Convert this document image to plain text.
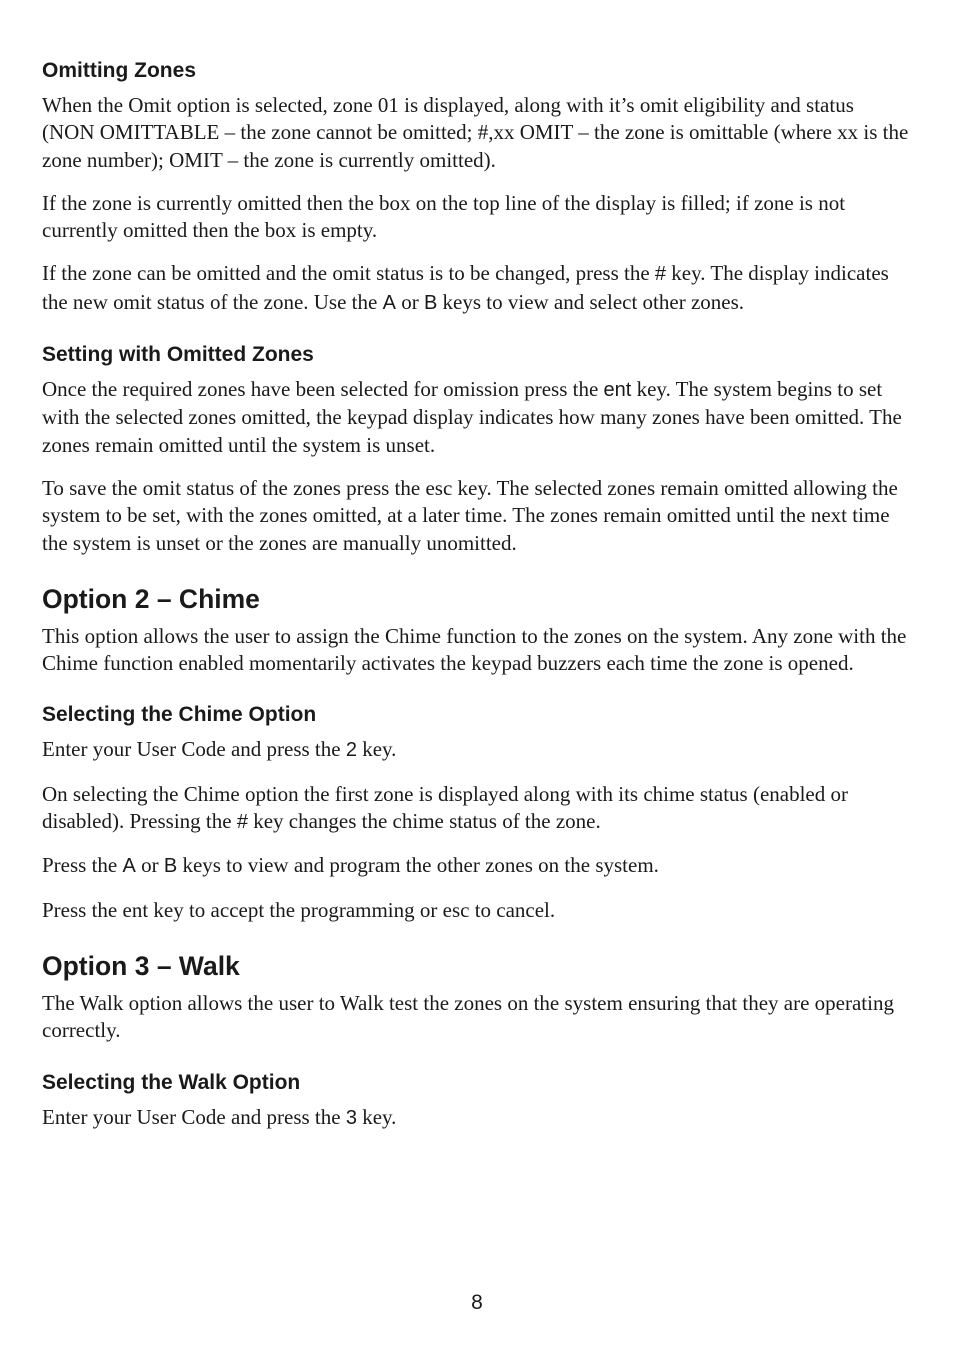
Omitting Zones

When the Omit option is selected, zone 01 is displayed, along with it’s omit eligibility and status (NON OMITTABLE – the zone cannot be omitted; #,xx OMIT – the zone is omittable (where xx is the zone number); OMIT – the zone is currently omitted).

If the zone is currently omitted then the box on the top line of the display is filled; if zone is not currently omitted then the box is empty.

If the zone can be omitted and the omit status is to be changed, press the # key. The display indicates the new omit status of the zone. Use the A or B keys to view and select other zones.

Setting with Omitted Zones

Once the required zones have been selected for omission press the ent key. The system begins to set with the selected zones omitted, the keypad display indicates how many zones have been omitted. The zones remain omitted until the system is unset.

To save the omit status of the zones press the esc key. The selected zones remain omitted allowing the system to be set, with the zones omitted, at a later time. The zones remain omitted until the next time the system is unset or the zones are manually unomitted.

Option 2 – Chime

This option allows the user to assign the Chime function to the zones on the system. Any zone with the Chime function enabled momentarily activates the keypad buzzers each time the zone is opened.

Selecting the Chime Option

Enter your User Code and press the 2 key.

On selecting the Chime option the first zone is displayed along with its chime status (enabled or disabled). Pressing the # key changes the chime status of the zone.

Press the A or B keys to view and program the other zones on the system.

Press the ent key to accept the programming or esc to cancel.

Option 3 – Walk

The Walk option allows the user to Walk test the zones on the system ensuring that they are operating correctly.

Selecting the Walk Option

Enter your User Code and press the 3 key.

8
